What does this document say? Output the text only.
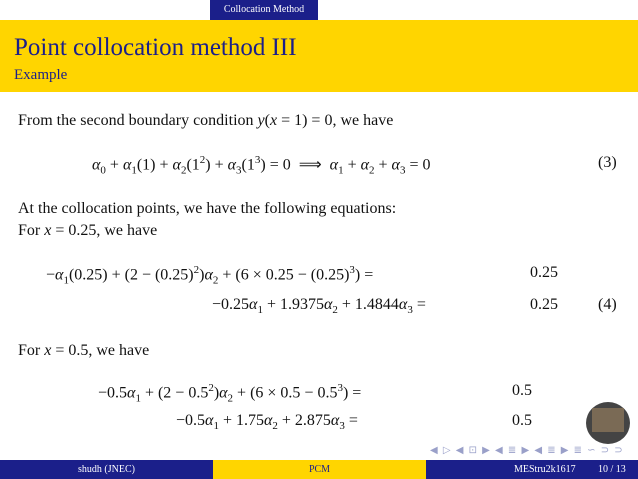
Collocation Method
Point collocation method III
Example
From the second boundary condition y(x = 1) = 0, we have
$\alpha_0 + \alpha_1(1) + \alpha_2(1^2) + \alpha_3(1^3) = 0$  ⟹  $\alpha_1 + \alpha_2 + \alpha_3 = 0$	(3)
At the collocation points, we have the following equations:
For x = 0.25, we have
$-\alpha_1(0.25) + (2 - (0.25)^2)\alpha_2 + (6 \times 0.25 - (0.25)^3)$ =	0.25
$-0.25\alpha_1 + 1.9375\alpha_2 + 1.4844\alpha_3$ =	0.25	(4)
For x = 0.5, we have
$-0.5\alpha_1 + (2 - 0.5^2)\alpha_2 + (6 \times 0.5 - 0.5^3)$ =	0.5
$-0.5\alpha_1 + 1.75\alpha_2 + 2.875\alpha_3$ =	0.5
◀ ▷ ◀ ⊡ ▶ ◀ ≣ ▶ ◀ ≣ ▶ ≣ ∽ ⊃ ⊃
shudh (JNEC)	PCM	MEStru2k1617 10 / 13
